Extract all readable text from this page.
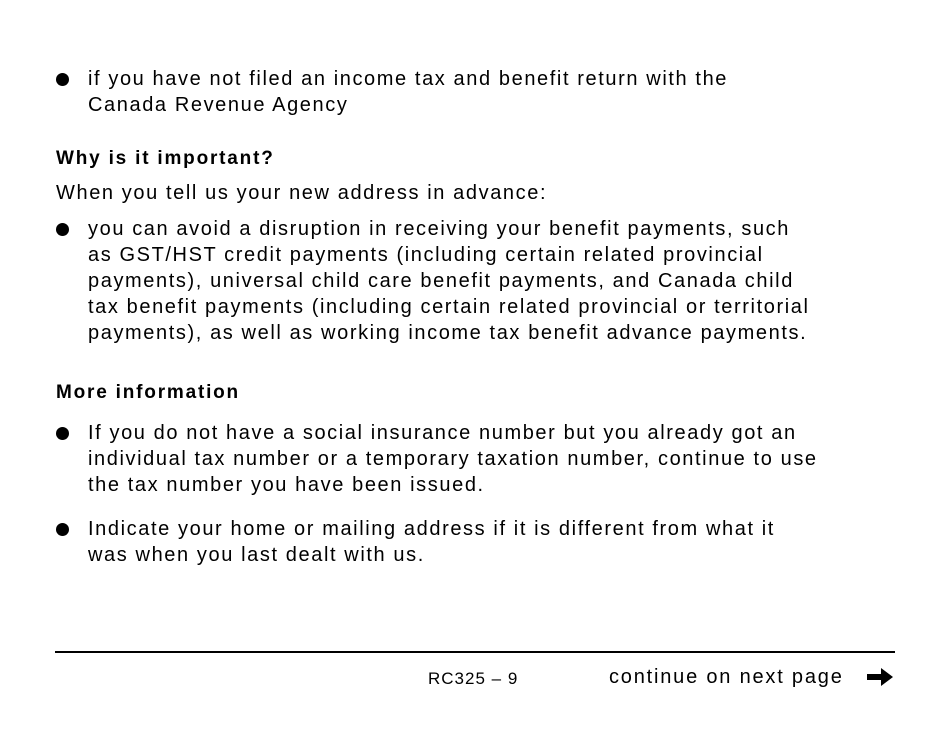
if you have not filed an income tax and benefit return with the

Canada Revenue Agency

Why is it important?

When you tell us your new address in advance:

you can avoid a disruption in receiving your benefit payments, such

as GST/HST credit payments (including certain related provincial

payments), universal child care benefit payments, and Canada child

tax benefit payments (including certain related provincial or territorial

payments), as well as working income tax benefit advance payments.

More information

If you do not have a social insurance number but you already got an

individual tax number or a temporary taxation number, continue to use

the tax number you have been issued.

Indicate your home or mailing address if it is different from what it

was when you last dealt with us.

RC325 – 9	continue on next page
